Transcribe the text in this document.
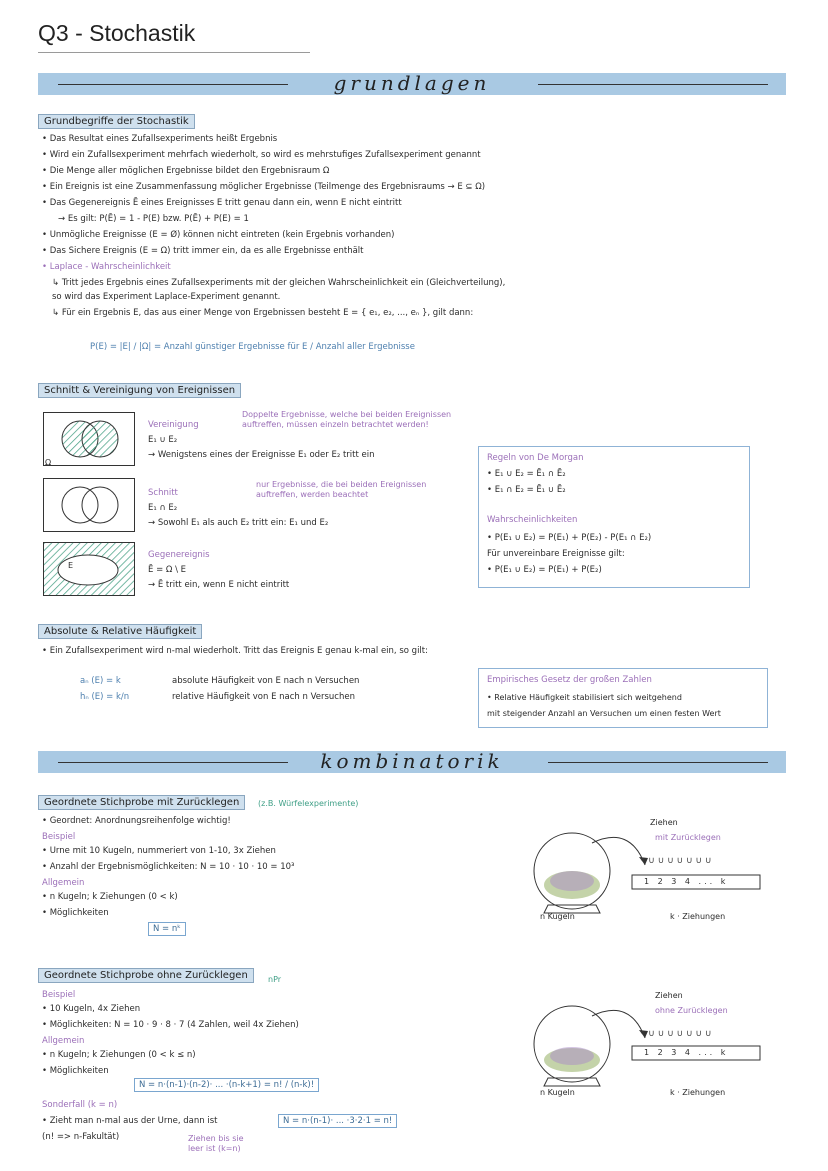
Q3 - Stochastik
grundlagen
Grundbegriffe der Stochastik
• Das Resultat eines Zufallsexperiments heißt Ergebnis
• Wird ein Zufallsexperiment mehrfach wiederholt, so wird es mehrstufiges Zufallsexperiment genannt
• Die Menge aller möglichen Ergebnisse bildet den Ergebnisraum Ω
• Ein Ereignis ist eine Zusammenfassung möglicher Ergebnisse (Teilmenge des Ergebnisraums → E ⊆ Ω)
• Das Gegenereignis Ē eines Ereignisses E tritt genau dann ein, wenn E nicht eintritt
→ Es gilt: P(Ē) = 1 - P(E) bzw. P(Ē) + P(E) = 1
• Unmögliche Ereignisse (E = Ø) können nicht eintreten (kein Ergebnis vorhanden)
• Das Sichere Ereignis (E = Ω) tritt immer ein, da es alle Ergebnisse enthält
• Laplace - Wahrscheinlichkeit
↳ Tritt jedes Ergebnis eines Zufallsexperiments mit der gleichen Wahrscheinlichkeit ein (Gleichverteilung),
so wird das Experiment Laplace-Experiment genannt.
↳ Für ein Ergebnis E, das aus einer Menge von Ergebnissen besteht E = { e₁, e₂, ..., eₙ }, gilt dann:
P(E) = |E| / |Ω| = Anzahl günstiger Ergebnisse für E / Anzahl aller Ergebnisse
Schnitt & Vereinigung von Ereignissen
Ω
Vereinigung
E₁ ∪ E₂
→ Wenigstens eines der Ereignisse E₁ oder E₂ tritt ein
Doppelte Ergebnisse, welche bei beiden Ereignissen auftreffen, müssen einzeln betrachtet werden!
Schnitt
E₁ ∩ E₂
→ Sowohl E₁ als auch E₂ tritt ein: E₁ und E₂
nur Ergebnisse, die bei beiden Ereignissen auftreffen, werden beachtet
E
Gegenereignis
Ē = Ω \ E
→ Ē tritt ein, wenn E nicht eintritt
Regeln von De Morgan
• E₁ ∪ E₂ = Ē₁ ∩ Ē₂
• E₁ ∩ E₂ = Ē₁ ∪ Ē₂
Wahrscheinlichkeiten
• P(E₁ ∪ E₂) = P(E₁) + P(E₂) - P(E₁ ∩ E₂)
Für unvereinbare Ereignisse gilt:
• P(E₁ ∪ E₂) = P(E₁) + P(E₂)
Absolute & Relative Häufigkeit
• Ein Zufallsexperiment wird n-mal wiederholt. Tritt das Ereignis E genau k-mal ein, so gilt:
aₙ (E) = k	absolute Häufigkeit von E nach n Versuchen
hₙ (E) = k/n	relative Häufigkeit von E nach n Versuchen
Empirisches Gesetz der großen Zahlen
• Relative Häufigkeit stabilisiert sich weitgehend
mit steigender Anzahl an Versuchen um einen festen Wert
kombinatorik
Geordnete Stichprobe mit Zurücklegen	(z.B. Würfelexperimente)
• Geordnet: Anordnungsreihenfolge wichtig!
Beispiel
• Urne mit 10 Kugeln, nummeriert von 1-10, 3x Ziehen
• Anzahl der Ergebnismöglichkeiten: N = 10 · 10 · 10 = 10³
Allgemein
• n Kugeln; k Ziehungen (0 < k)
• Möglichkeiten
N = nᵏ
◦ ∪ ∪ ∪ ∪ ∪ ∪ ∪
Ziehen
mit Zurücklegen
1 2 3 4 ... k
n Kugeln	k · Ziehungen
Geordnete Stichprobe ohne Zurücklegen	nPr
Beispiel
• 10 Kugeln, 4x Ziehen
• Möglichkeiten: N = 10 · 9 · 8 · 7 (4 Zahlen, weil 4x Ziehen)
Allgemein
• n Kugeln; k Ziehungen (0 < k ≤ n)
• Möglichkeiten
N = n·(n-1)·(n-2)· ... ·(n-k+1) = n! / (n-k)!
Sonderfall (k = n)
• Zieht man n-mal aus der Urne, dann ist
(n! => n-Fakultät)
N = n·(n-1)· ... ·3·2·1 = n!
Ziehen bis sie
leer ist (k=n)
◦ ∪ ∪ ∪ ∪ ∪ ∪ ∪
Ziehen
ohne Zurücklegen
1 2 3 4 ... k
n Kugeln	k · Ziehungen
